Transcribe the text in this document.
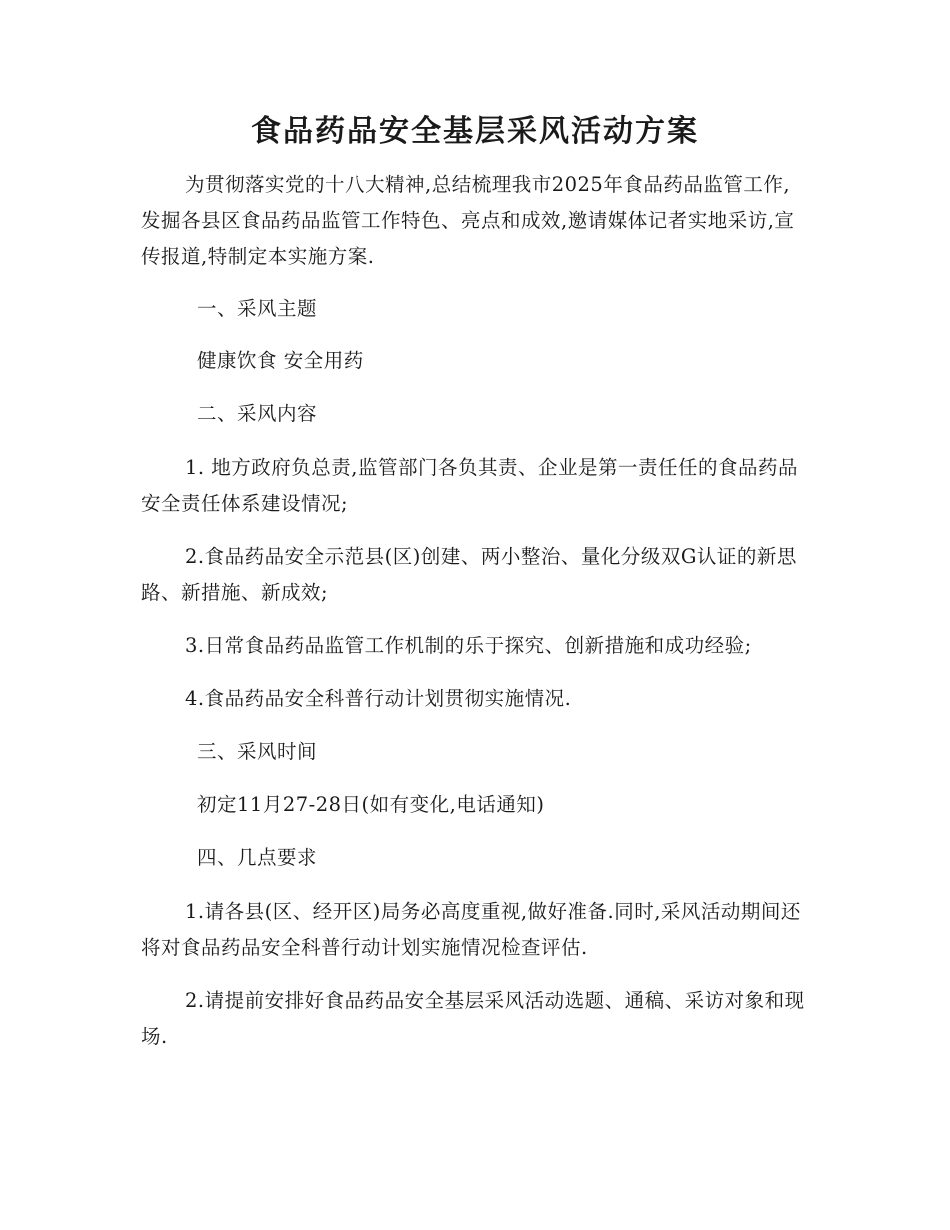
食品药品安全基层采风活动方案

为贯彻落实党的十八大精神,总结梳理我市2025年食品药品监管工作,发掘各县区食品药品监管工作特色、亮点和成效,邀请媒体记者实地采访,宣传报道,特制定本实施方案.

一、采风主题

健康饮食 安全用药

二、采风内容

1. 地方政府负总责,监管部门各负其责、企业是第一责任任的食品药品安全责任体系建设情况;

2.食品药品安全示范县(区)创建、两小整治、量化分级双G认证的新思路、新措施、新成效;

3.日常食品药品监管工作机制的乐于探究、创新措施和成功经验;

4.食品药品安全科普行动计划贯彻实施情况.

三、采风时间

初定11月27-28日(如有变化,电话通知)

四、几点要求

1.请各县(区、经开区)局务必高度重视,做好准备.同时,采风活动期间还将对食品药品安全科普行动计划实施情况检查评估.

2.请提前安排好食品药品安全基层采风活动选题、通稿、采访对象和现场.
